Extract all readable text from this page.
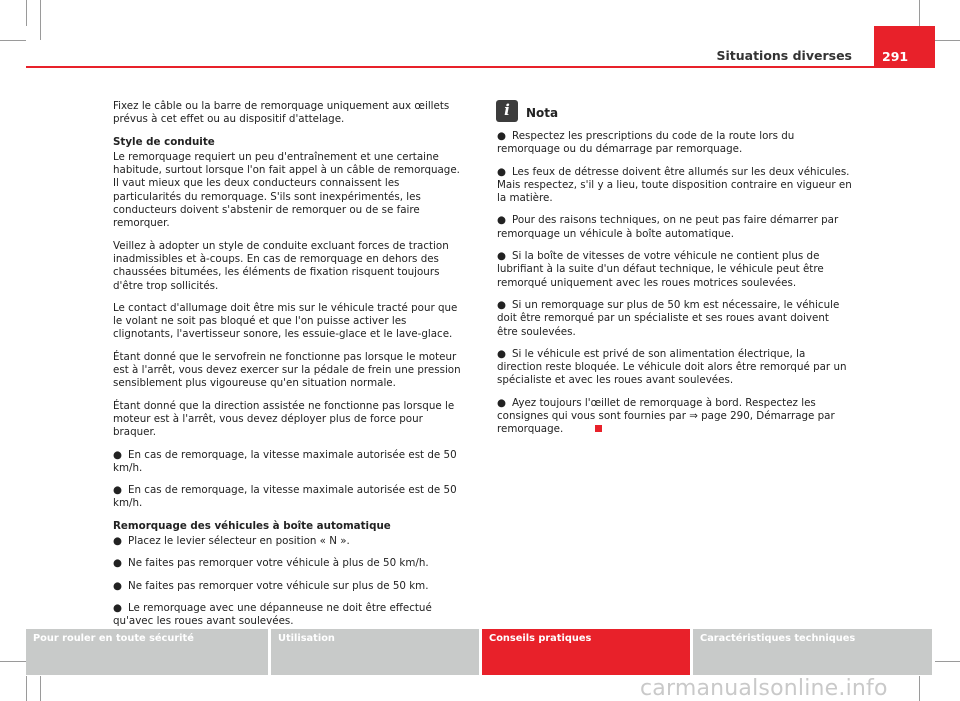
Situations diverses	291

Fixez le câble ou la barre de remorquage uniquement aux œillets prévus à cet effet ou au dispositif d'attelage.

Style de conduite

Le remorquage requiert un peu d'entraînement et une certaine habitude, surtout lorsque l'on fait appel à un câble de remorquage. Il vaut mieux que les deux conducteurs connaissent les particularités du remorquage. S'ils sont inexpérimentés, les conducteurs doivent s'abstenir de remorquer ou de se faire remorquer.

Veillez à adopter un style de conduite excluant forces de traction inadmissibles et à-coups. En cas de remorquage en dehors des chaussées bitumées, les éléments de fixation risquent toujours d'être trop sollicités.

Le contact d'allumage doit être mis sur le véhicule tracté pour que le volant ne soit pas bloqué et que l'on puisse activer les clignotants, l'avertisseur sonore, les essuie-glace et le lave-glace.

Étant donné que le servofrein ne fonctionne pas lorsque le moteur est à l'arrêt, vous devez exercer sur la pédale de frein une pression sensiblement plus vigoureuse qu'en situation normale.

Étant donné que la direction assistée ne fonctionne pas lorsque le moteur est à l'arrêt, vous devez déployer plus de force pour braquer.

● En cas de remorquage, la vitesse maximale autorisée est de 50 km/h.
● En cas de remorquage, la vitesse maximale autorisée est de 50 km/h.

Remorquage des véhicules à boîte automatique

● Placez le levier sélecteur en position « N ».
● Ne faites pas remorquer votre véhicule à plus de 50 km/h.
● Ne faites pas remorquer votre véhicule sur plus de 50 km.
● Le remorquage avec une dépanneuse ne doit être effectué qu'avec les roues avant soulevées.
i	Nota
● Respectez les prescriptions du code de la route lors du remorquage ou du démarrage par remorquage.
● Les feux de détresse doivent être allumés sur les deux véhicules. Mais respectez, s'il y a lieu, toute disposition contraire en vigueur en la matière.
● Pour des raisons techniques, on ne peut pas faire démarrer par remorquage un véhicule à boîte automatique.
● Si la boîte de vitesses de votre véhicule ne contient plus de lubrifiant à la suite d'un défaut technique, le véhicule peut être remorqué uniquement avec les roues motrices soulevées.
● Si un remorquage sur plus de 50 km est nécessaire, le véhicule doit être remorqué par un spécialiste et ses roues avant doivent être soulevées.
● Si le véhicule est privé de son alimentation électrique, la direction reste bloquée. Le véhicule doit alors être remorqué par un spécialiste et avec les roues avant soulevées.
● Ayez toujours l'œillet de remorquage à bord. Respectez les consignes qui vous sont fournies par ⇒ page 290, Démarrage par remorquage.
Pour rouler en toute sécurité	Utilisation	Conseils pratiques	Caractéristiques techniques
carmanualsonline.info
